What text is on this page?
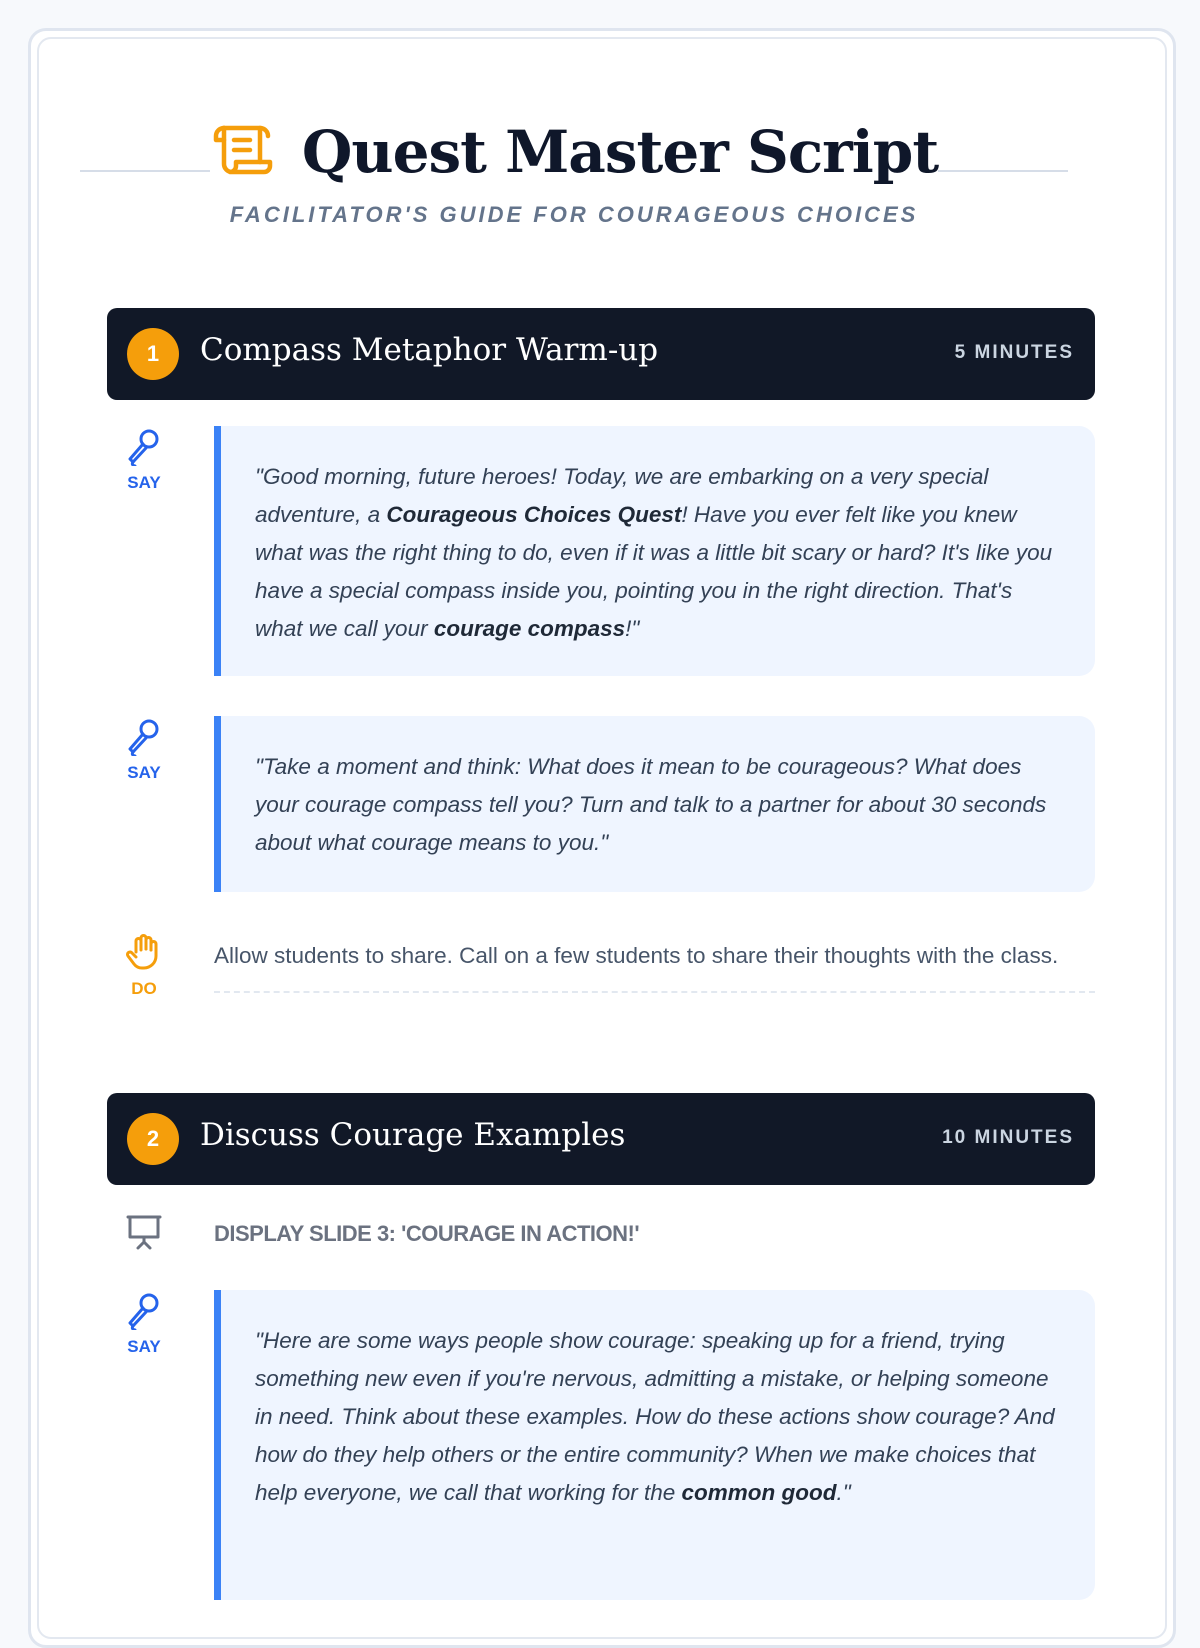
Quest Master Script
FACILITATOR'S GUIDE FOR COURAGEOUS CHOICES
1	Compass Metaphor Warm-up	5 MINUTES
SAY	"Good morning, future heroes! Today, we are embarking on a very special adventure, a Courageous Choices Quest! Have you ever felt like you knew what was the right thing to do, even if it was a little bit scary or hard? It's like you have a special compass inside you, pointing you in the right direction. That's what we call your courage compass!"
SAY	"Take a moment and think: What does it mean to be courageous? What does your courage compass tell you? Turn and talk to a partner for about 30 seconds about what courage means to you."
DO
Allow students to share. Call on a few students to share their thoughts with the class.
2	Discuss Courage Examples	10 MINUTES
DISPLAY SLIDE 3: 'COURAGE IN ACTION!'
SAY	"Here are some ways people show courage: speaking up for a friend, trying something new even if you're nervous, admitting a mistake, or helping someone in need. Think about these examples. How do these actions show courage? And how do they help others or the entire community? When we make choices that help everyone, we call that working for the common good."
